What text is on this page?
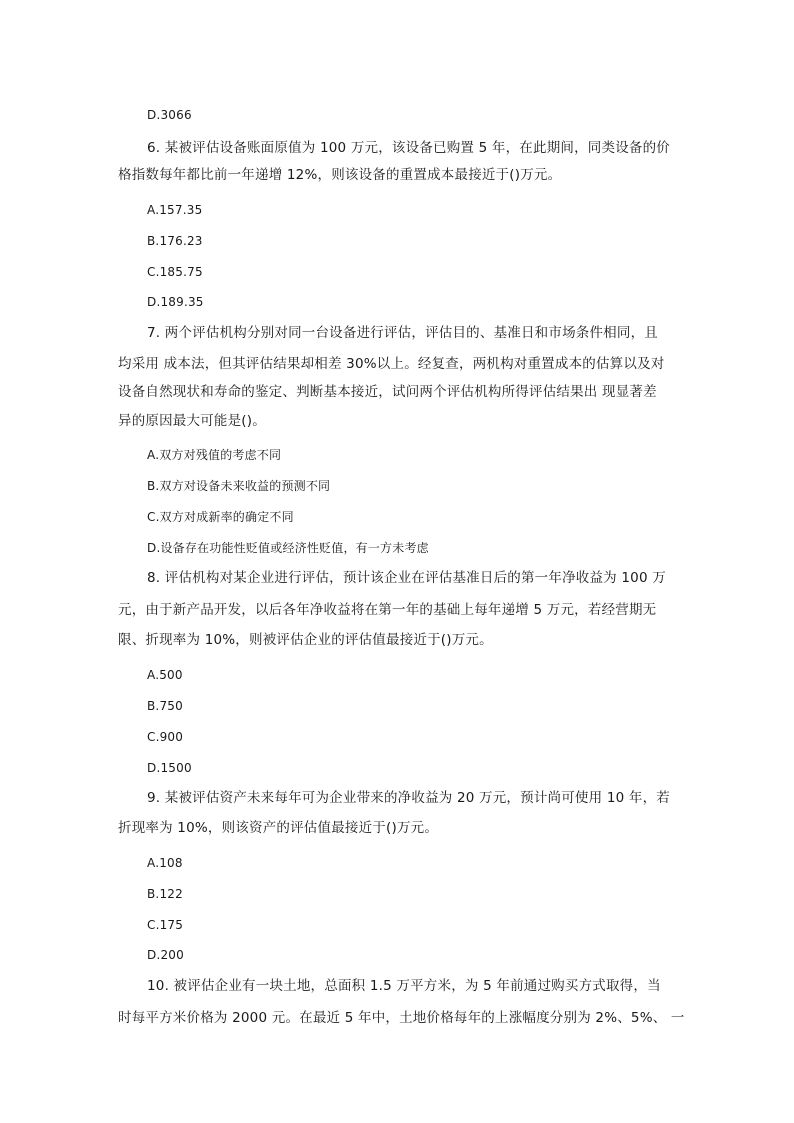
D.3066
6. 某被评估设备账面原值为 100 万元，该设备已购置 5 年，在此期间，同类设备的价
格指数每年都比前一年递增 12%，则该设备的重置成本最接近于()万元。
A.157.35
B.176.23
C.185.75
D.189.35
7. 两个评估机构分别对同一台设备进行评估，评估目的、基准日和市场条件相同，且
均采用 成本法，但其评估结果却相差 30%以上。经复查，两机构对重置成本的估算以及对
设备自然现状和寿命的鉴定、判断基本接近，试问两个评估机构所得评估结果出 现显著差
异的原因最大可能是()。
A.双方对残值的考虑不同
B.双方对设备未来收益的预测不同
C.双方对成新率的确定不同
D.设备存在功能性贬值或经济性贬值，有一方未考虑
8. 评估机构对某企业进行评估，预计该企业在评估基准日后的第一年净收益为 100 万
元，由于新产品开发，以后各年净收益将在第一年的基础上每年递增 5 万元，若经营期无
限、折现率为 10%，则被评估企业的评估值最接近于()万元。
A.500
B.750
C.900
D.1500
9. 某被评估资产未来每年可为企业带来的净收益为 20 万元，预计尚可使用 10 年，若
折现率为 10%，则该资产的评估值最接近于()万元。
A.108
B.122
C.175
D.200
10. 被评估企业有一块土地，总面积 1.5 万平方米，为 5 年前通过购买方式取得，当
时每平方米价格为 2000 元。在最近 5 年中，土地价格每年的上涨幅度分别为 2%、5%、 一
